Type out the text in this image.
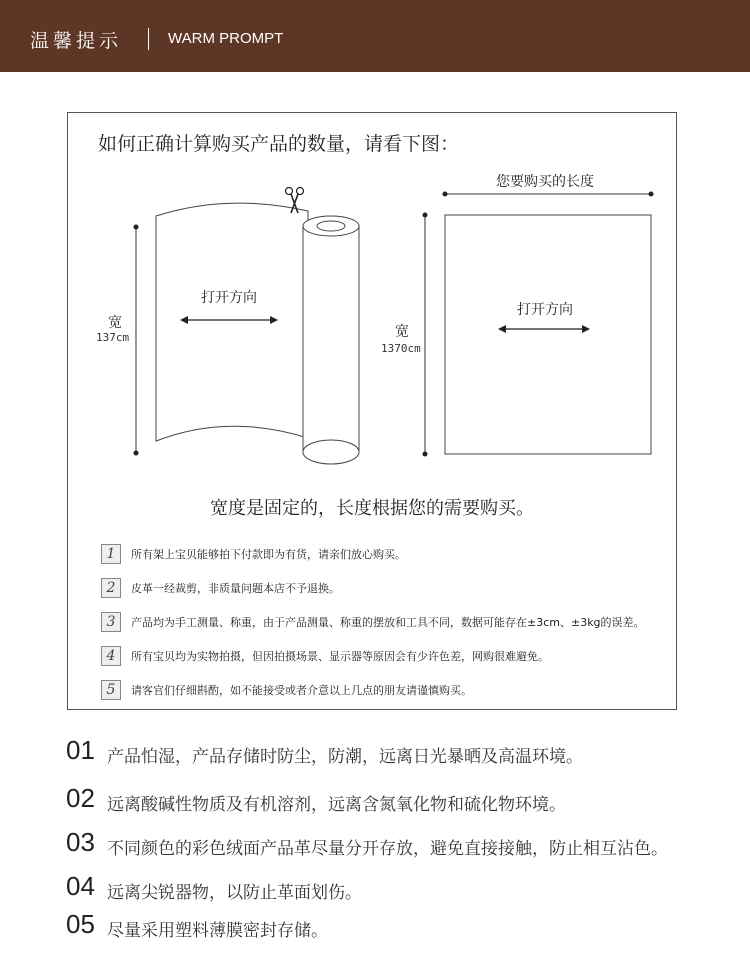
温馨提示	WARM PROMPT
如何正确计算购买产品的数量，请看下图：
宽
137cm
打开方向
您要购买的长度
宽
1370cm
打开方向
宽度是固定的，长度根据您的需要购买。
1	所有架上宝贝能够拍下付款即为有货，请亲们放心购买。
2	皮革一经裁剪，非质量问题本店不予退换。
3	产品均为手工测量、称重，由于产品测量、称重的摆放和工具不同，数据可能存在±3cm、±3kg的误差。
4	所有宝贝均为实物拍摄，但因拍摄场景、显示器等原因会有少许色差，网购很难避免。
5	请客官们仔细斟酌，如不能接受或者介意以上几点的朋友请谨慎购买。
01 产品怕湿，产品存储时防尘，防潮，远离日光暴晒及高温环境。
02 远离酸碱性物质及有机溶剂，远离含氮氧化物和硫化物环境。
03 不同颜色的彩色绒面产品革尽量分开存放，避免直接接触，防止相互沾色。
04 远离尖锐器物，以防止革面划伤。
05 尽量采用塑料薄膜密封存储。
